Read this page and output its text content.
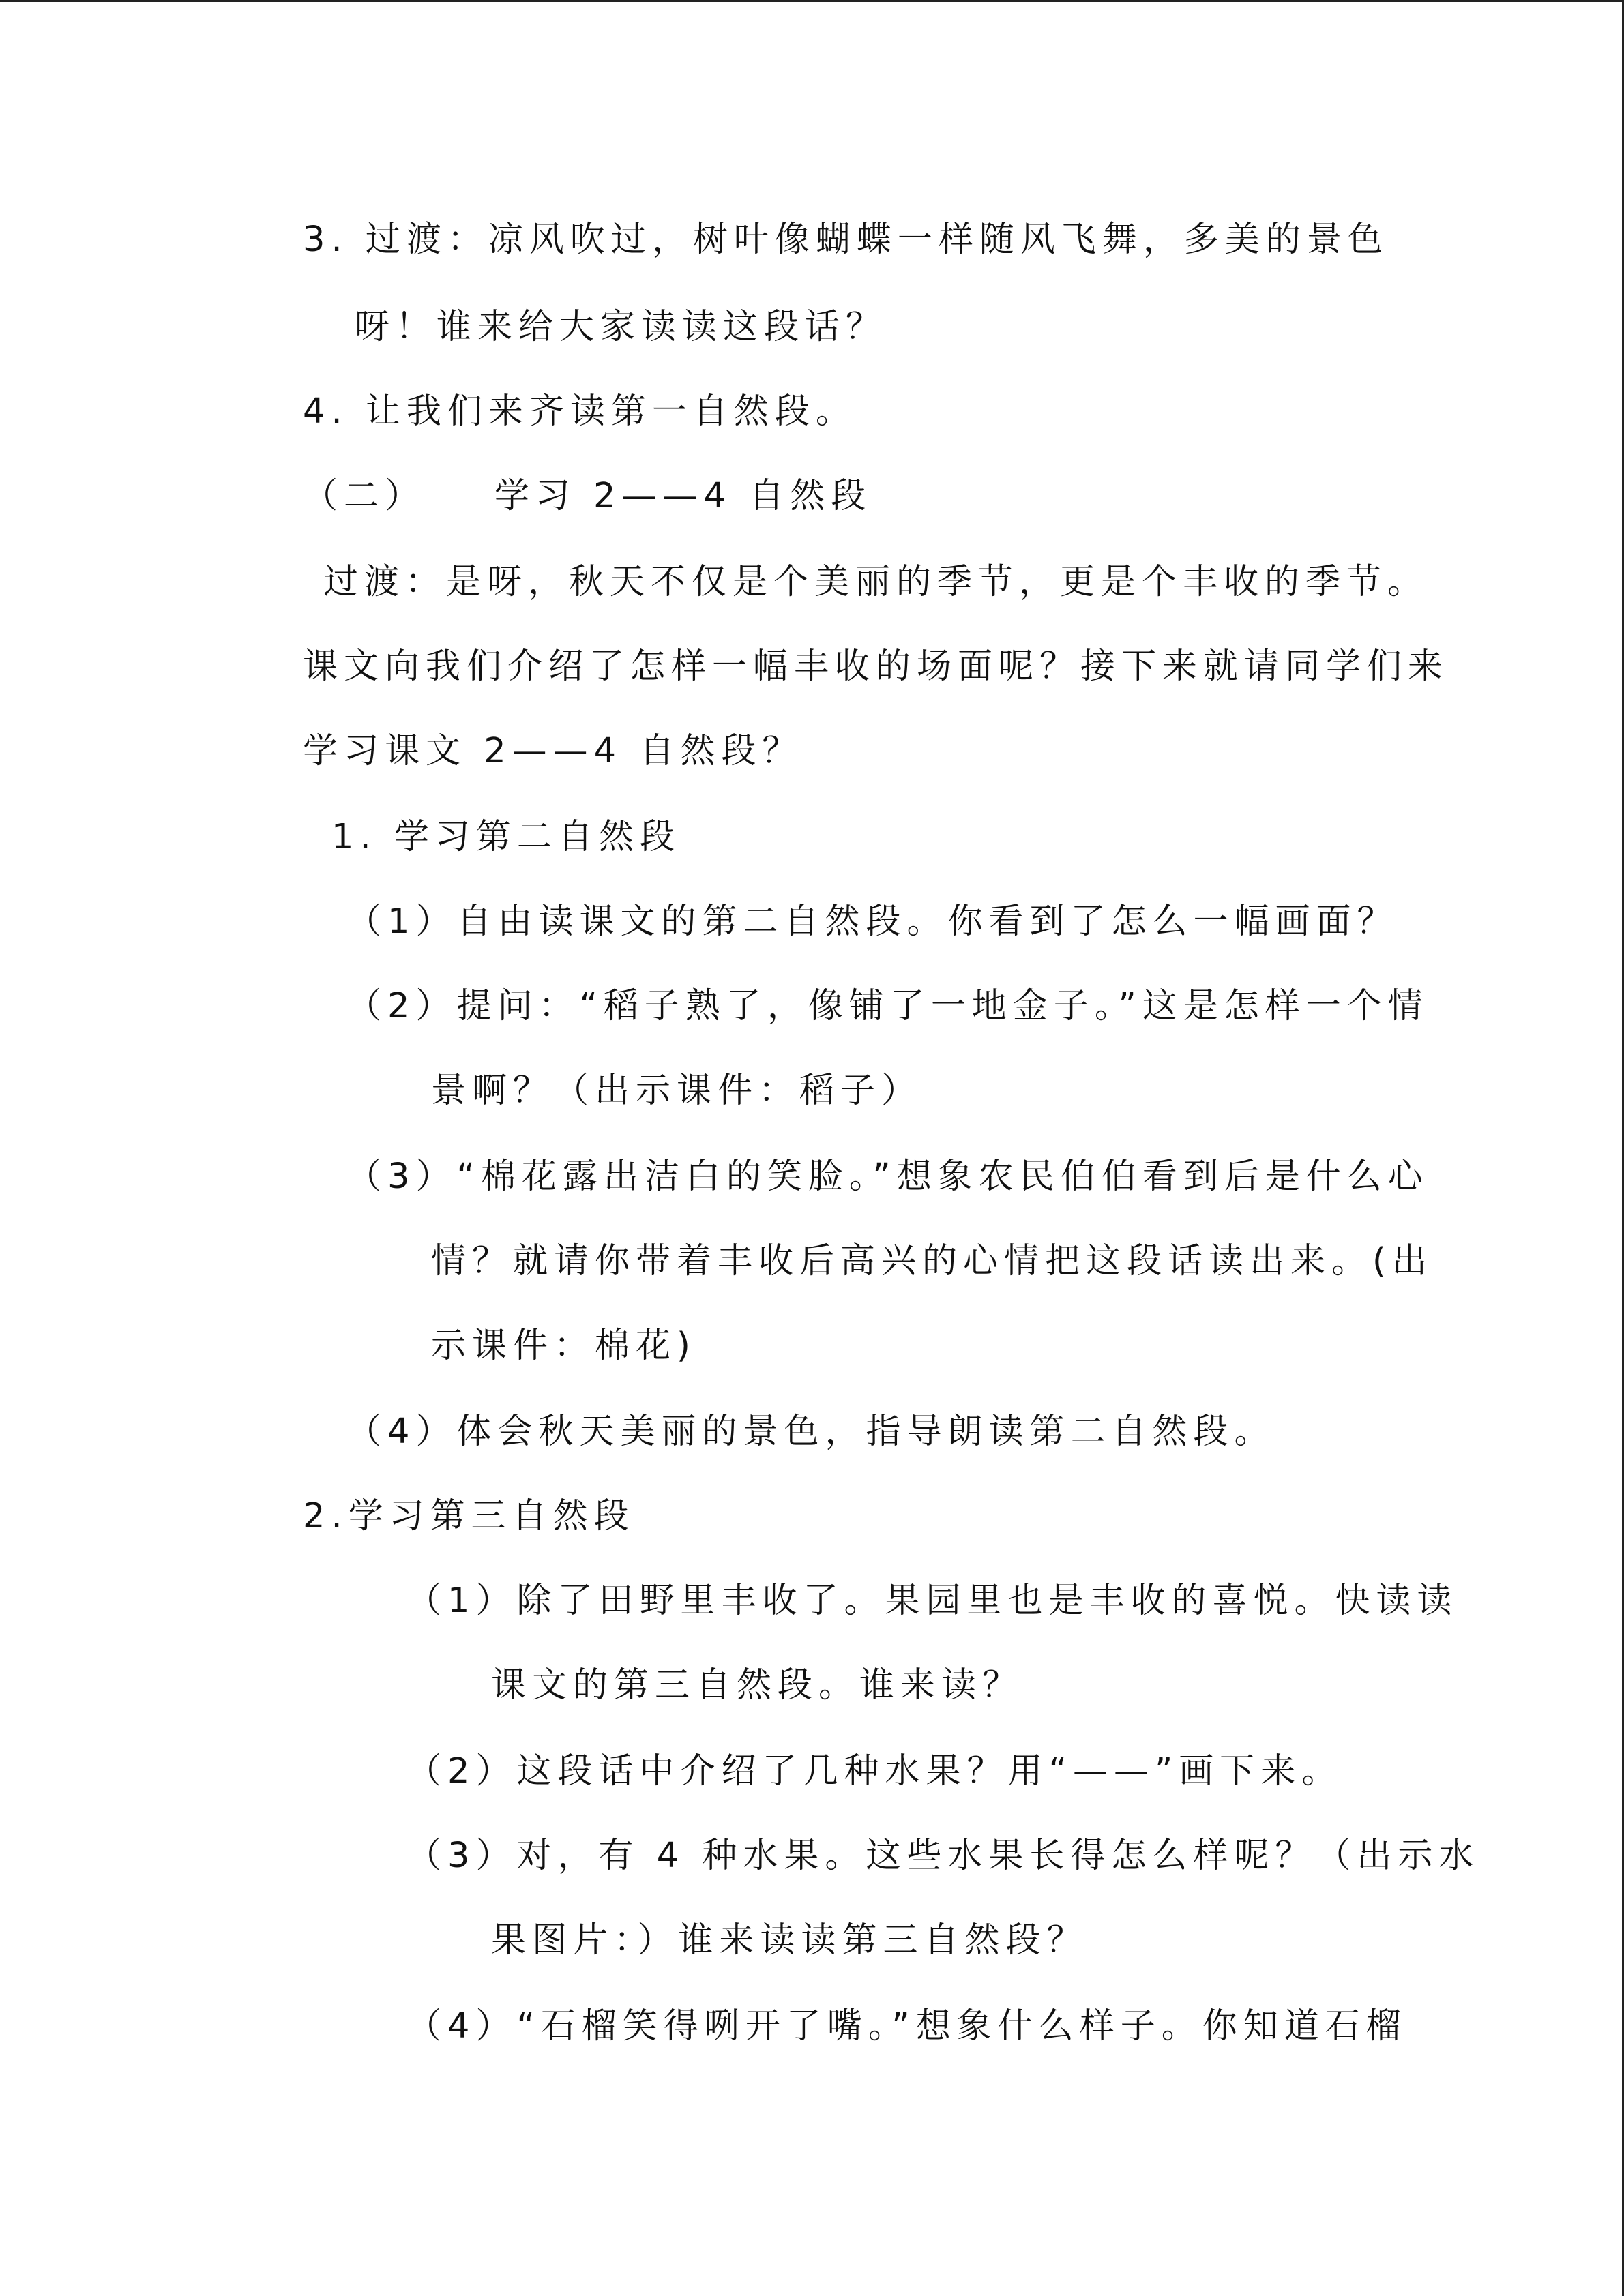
3. 过渡：凉风吹过，树叶像蝴蝶一样随风飞舞，多美的景色
呀！谁来给大家读读这段话？
4. 让我们来齐读第一自然段。
（二）    学习 2——4 自然段
过渡：是呀，秋天不仅是个美丽的季节，更是个丰收的季节。
课文向我们介绍了怎样一幅丰收的场面呢？接下来就请同学们来
学习课文 2——4 自然段？
1. 学习第二自然段
（1）自由读课文的第二自然段。你看到了怎么一幅画面？
（2）提问：“稻子熟了，像铺了一地金子。”这是怎样一个情
景啊？（出示课件：稻子）
（3）“棉花露出洁白的笑脸。”想象农民伯伯看到后是什么心
情？就请你带着丰收后高兴的心情把这段话读出来。(出
示课件：棉花)
（4）体会秋天美丽的景色，指导朗读第二自然段。
2.学习第三自然段
（1）除了田野里丰收了。果园里也是丰收的喜悦。快读读
课文的第三自然段。谁来读？
（2）这段话中介绍了几种水果？用“——”画下来。
（3）对，有 4 种水果。这些水果长得怎么样呢？（出示水
果图片：）谁来读读第三自然段？
（4）“石榴笑得咧开了嘴。”想象什么样子。你知道石榴
